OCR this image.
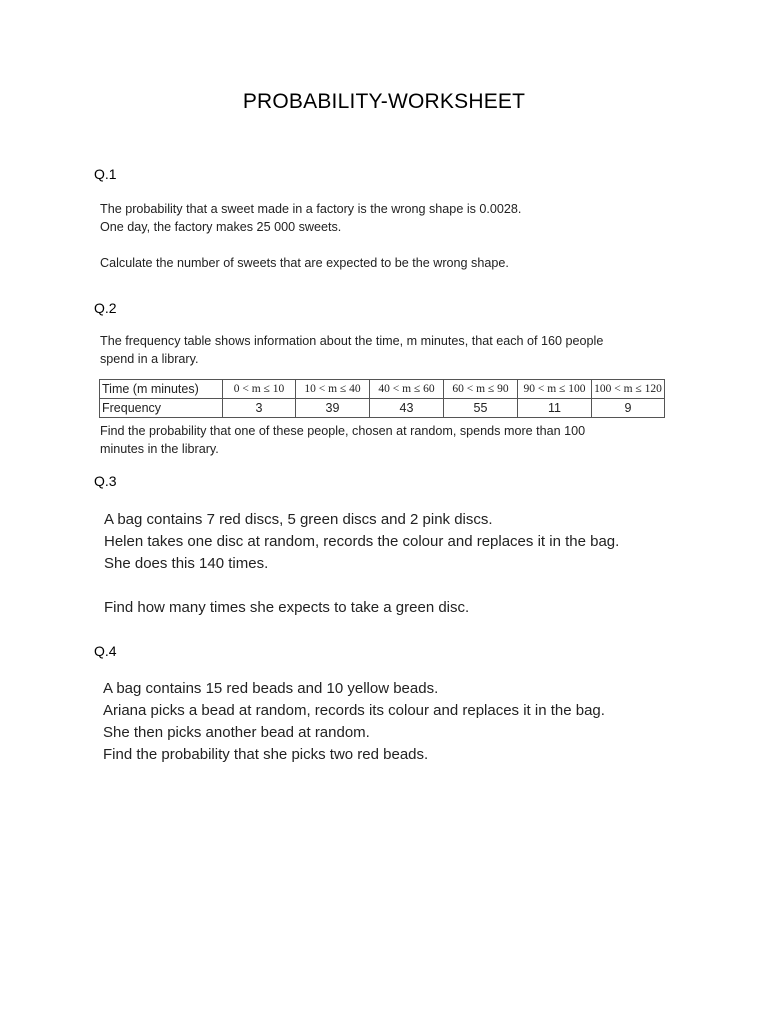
PROBABILITY-WORKSHEET
Q.1
The probability that a sweet made in a factory is the wrong shape is 0.0028.
One day, the factory makes 25 000 sweets.
Calculate the number of sweets that are expected to be the wrong shape.
Q.2
The frequency table shows information about the time, m minutes, that each of 160 people
spend in a library.
Time (m minutes)	0 < m ≤ 10	10 < m ≤ 40	40 < m ≤ 60	60 < m ≤ 90	90 < m ≤ 100	100 < m ≤ 120
Frequency	3	39	43	55	11	9
Find the probability that one of these people, chosen at random, spends more than 100
minutes in the library.
Q.3
A bag contains 7 red discs, 5 green discs and 2 pink discs.
Helen takes one disc at random, records the colour and replaces it in the bag.
She does this 140 times.
Find how many times she expects to take a green disc.
Q.4
A bag contains 15 red beads and 10 yellow beads.
Ariana picks a bead at random, records its colour and replaces it in the bag.
She then picks another bead at random.
Find the probability that she picks two red beads.
